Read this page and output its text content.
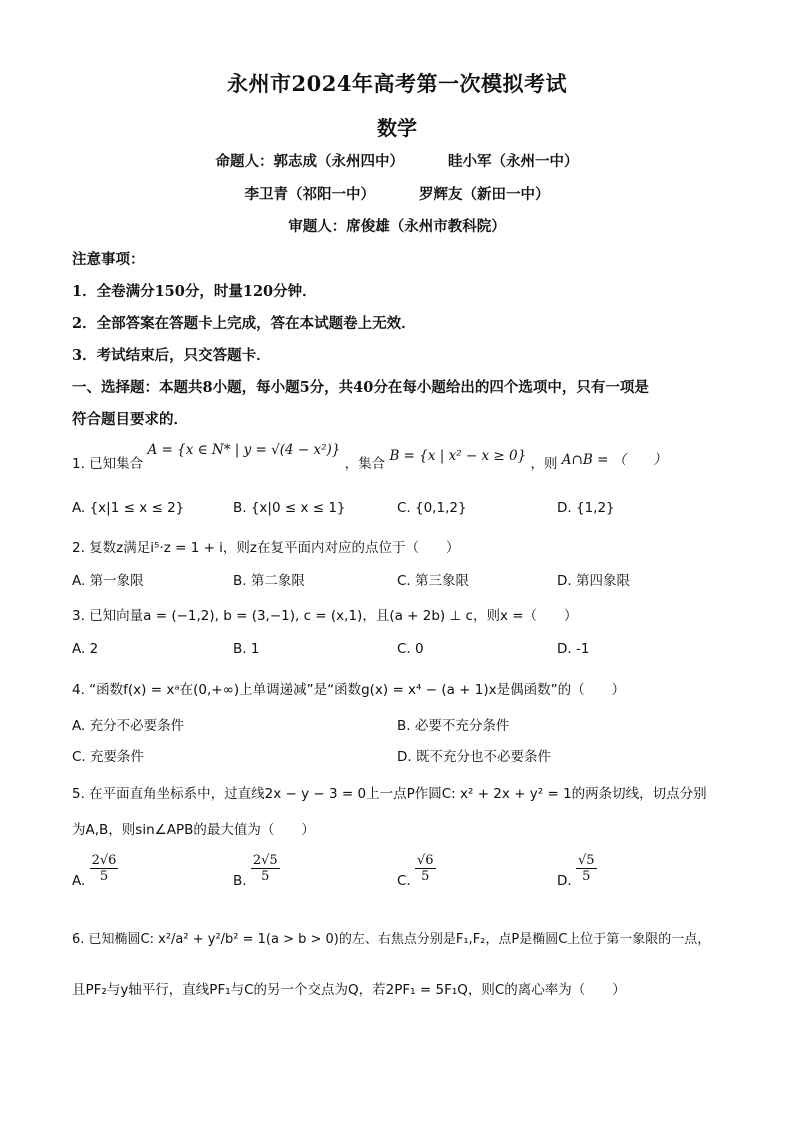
永州市2024年高考第一次模拟考试
数学
命题人：郭志成（永州四中）	眭小军（永州一中）
李卫青（祁阳一中）	罗辉友（新田一中）
审题人：席俊雄（永州市教科院）
注意事项：
1．全卷满分150分，时量120分钟．
2．全部答案在答题卡上完成，答在本试题卷上无效．
3．考试结束后，只交答题卡．
一、选择题：本题共8小题，每小题5分，共40分在每小题给出的四个选项中，只有一项是
符合题目要求的．
1. 已知集合 A = {x ∈ N* | y = √(4 − x²)} ，集合 B = {x | x² − x ≥ 0} ，则 A∩B = （　　）
A. {x|1 ≤ x ≤ 2}	B. {x|0 ≤ x ≤ 1}	C. {0,1,2}	D. {1,2}
2. 复数z满足i⁵·z = 1 + i，则z在复平面内对应的点位于（　　）
A. 第一象限	B. 第二象限	C. 第三象限	D. 第四象限
3. 已知向量a = (−1,2), b = (3,−1), c = (x,1)，且(a + 2b) ⊥ c，则x =（　　）
A. 2	B. 1	C. 0	D. -1
4. “函数f(x) = xᵃ在(0,+∞)上单调递减”是“函数g(x) = x⁴ − (a + 1)x是偶函数”的（　　）
A. 充分不必要条件	B. 必要不充分条件
C. 充要条件	D. 既不充分也不必要条件
5. 在平面直角坐标系中，过直线2x − y − 3 = 0上一点P作圆C: x² + 2x + y² = 1的两条切线，切点分别
为A,B，则sin∠APB的最大值为（　　）
A. $\frac{2√6}{5}$	B. $\frac{2√5}{5}$	C. $\frac{√6}{5}$	D. $\frac{√5}{5}$
6. 已知椭圆C: x²/a² + y²/b² = 1(a > b > 0)的左、右焦点分别是F₁,F₂，点P是椭圆C上位于第一象限的一点，
且PF₂与y轴平行，直线PF₁与C的另一个交点为Q，若2PF₁ = 5F₁Q，则C的离心率为（　　）
